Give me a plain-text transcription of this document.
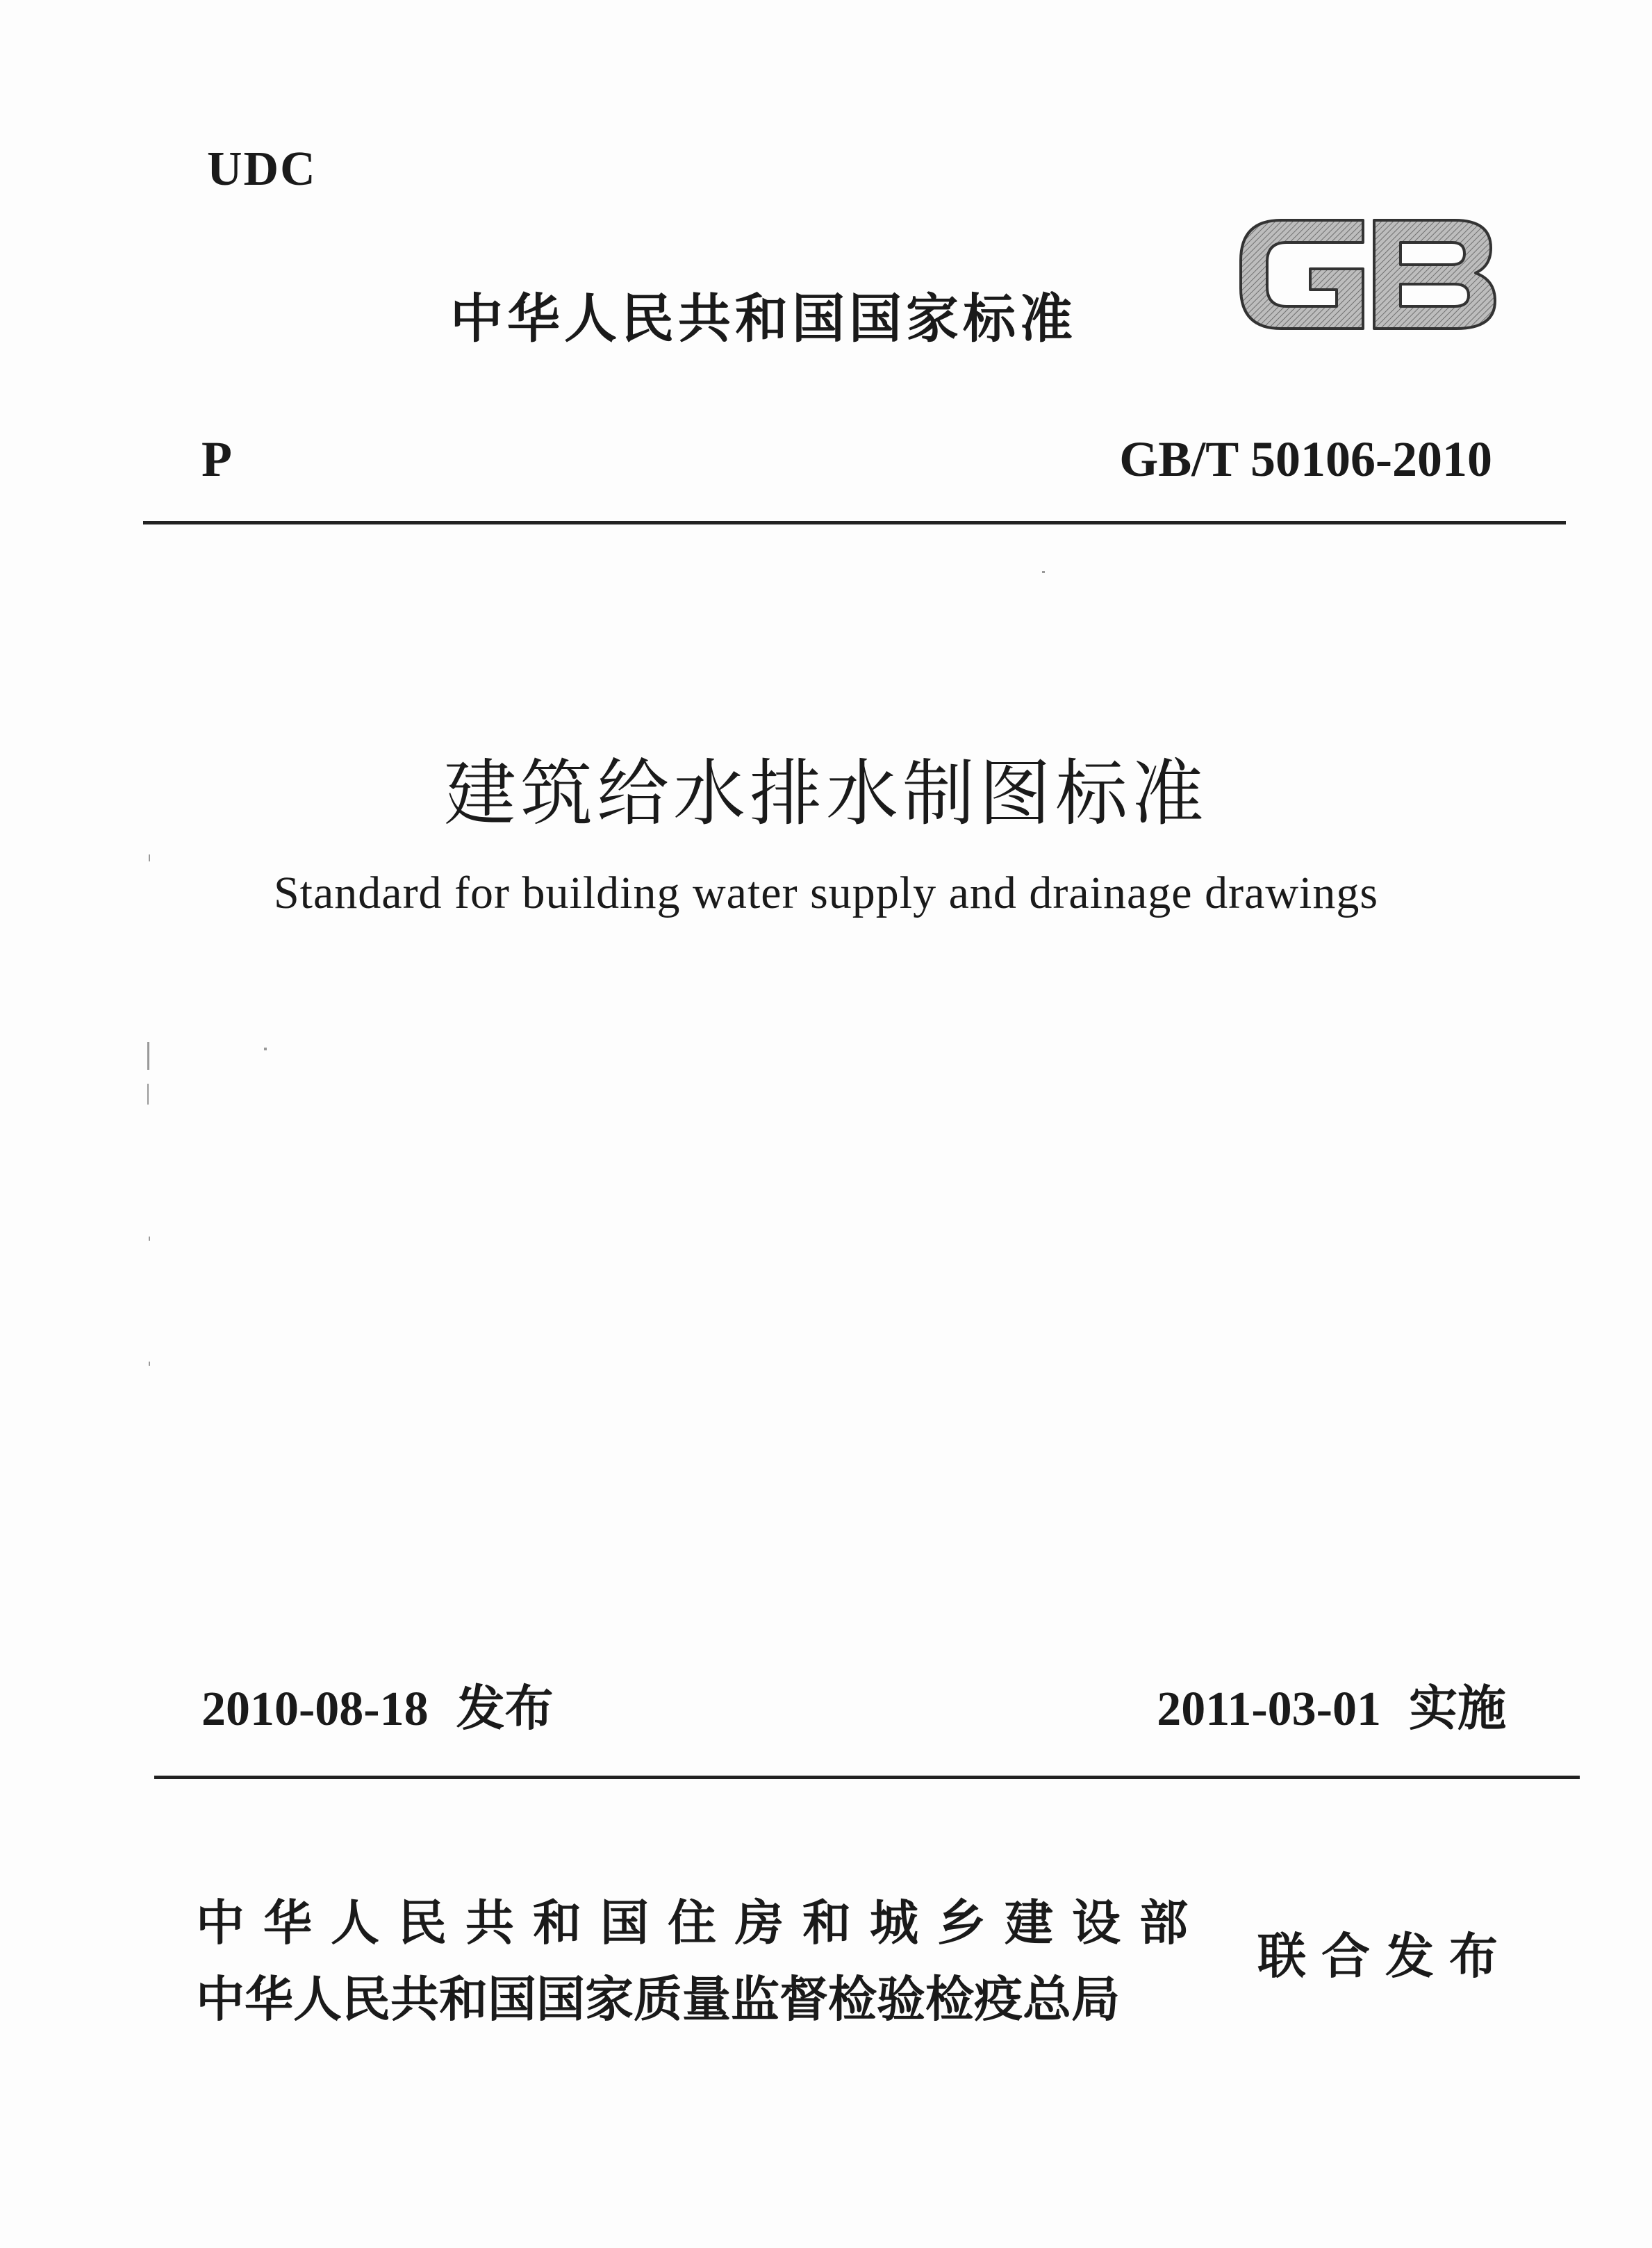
UDC
中华人民共和国国家标准
P	GB/T 50106-2010
建筑给水排水制图标准
Standard for building water supply and drainage drawings
2010-08-18 发布	2011-03-01 实施
中华人民共和国住房和城乡建设部
中华人民共和国国家质量监督检验检疫总局
联合发布
